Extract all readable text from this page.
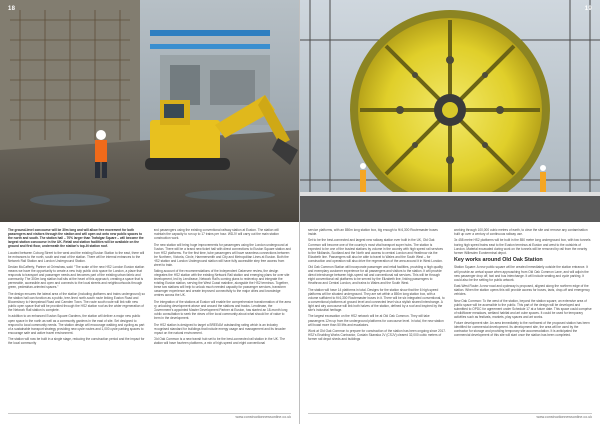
18

The ground-level concourse will be 30m long and will allow free movement for both passengers and visitors through the station and will open out onto new public spaces to the north and south. The station hall – 70% larger than Trafalgar Square – will become the largest station concourse in the UK. Retail and station facilities will be available on the ground and first floor, underneath the station’s top-lit station roof.

Located between Coburg Street to the west and the existing Euston Station to the east, there will be entrances to the north, south and east of the station. There will be internal entrances to the Network Rail Station and London Underground Station.

Declan McCafferty, Partner at Grimshaw, said: “The scale of the new HS2 London Euston station means we have the opportunity to create a new truly public civic space for London, a place that responds to transport and passenger needs and becomes part of the existing urban fabric and community. The 300m long station hall sits at the heart of this approach, creating a space that is permeable, accessible and open and connects to the local streets and neighbourhoods through green, pedestrian-oriented spaces.”

The design ensures the lateral area of the station (including platforms and trains underground) so the station hall can function as a public, tree-lined north-south route linking Euston Road and Bloomsbury to Hampstead Road and Camden Town. The route south route will link with new public open space that will be provided through the HS2 station roof as the wider regeneration of the Network Rail station is complete.

In addition to an enhanced Euston Square Gardens, the station will deliver a major new public open space in the north as well as a community gardens in the east of site. Set designed to respond to local community needs. The station design will encourage walking and cycling as part of a sustainable transport strategy providing new cycle routes and 1,000 cycle parking spaces to encourage safe and active travel environment.

The station will now be built in a single stage, reducing the construction period and the impact for the local community

and passengers using the existing conventional railway station at Euston. The station will maintain the capacity to run up to 17 trains per hour. WDJV will carry out the main station construction work.

The new station will bring huge improvements for passengers using the London underground at Euston. There will be a brand new ticket hall with direct connections to Euston Square station and from HS2 platforms. For the first time, tube passengers will have seamless connections between the Northern, Victoria, Circle, Hammersmith and City and Metropolitan Lines at Euston. Both the HS2 station and London Underground station will have fully accessible step free access from street to train.

Taking account of the recommendations of the independent Oakervee review, the design integrates the HS2 station with the existing Network Rail station and emerging plans for over site development, led by Lendlease, Network Rail’s coming plans to redevelop and integrate the existing Euston station, serving the West Coast mainline, alongside the HS2 terminus. Together, these two stations will help to unlock much needed capacity for passenger services, transform passenger experience and create improved connectivity to the major cities and knowledge centres across the UK.

The integration of the stations at Euston will enable the comprehensive transformation of the area by unlocking development above and around the stations and tracks. Lendlease, the Government’s appointed Master Development Partner at Euston, has started an 18-month long public consultation to seek the views of the local community about what should be of value to them in the development.

The HS2 station is designed to target a BREEAM outstanding rating which is an industry recognised standard for buildings that include energy usage and management and its broader impact on the natural environment.

Old Oak Common is a new transit hub set to be the best-connected rail station in the UK. The station will have fourteen platforms, a mix of high-speed and eight conventional

www.constructionnewsonline.co.uk
19

service platforms, with an 850m long station box, big enough to fit 6,300 Routemaster buses inside.

Set to be the best-connected and largest new railway station ever built in the UK, Old Oak Common will become one of the country’s most vital transport super hubs. The station is expected to be one of the busiest stations by volume in the country with high speed rail services to the Midlands, Scotland and the North and access to central London and Heathrow via the Elizabeth line. Passengers will also be able to travel to Wales and the South West – for construction and operation will also drive the regeneration of the area around it in West London.

Old Oak Common Station will incorporate passenger and retail facilities, providing a high quality and exemplary customer experience for all passengers and visitors to the station. It will provide direct interchange between high-speed rail and conventional rail services. This will be through eight conventional rail platforms to be served by the Elizabeth line, linking passengers to Heathrow and Central London, and trains to Wales and the South West.

The station will have 14 platforms in total. Designs for the station show that the 6 high-speed platforms will be situated underground. They are set within a 850m long station box, with a volume sufficient to fit 6,300 Routemaster buses in it. There will be six integrated conventional, to a conventional platforms at ground level and connected level via a stylish shared interchange. A light and airy concourse will link both halves of the station, defined by a roof and inspired by the site’s industrial heritage.

The largest excavation on the HS2 network will be at Old Oak Common. They will take passengers 12m up from the underground platforms for concourse level. In total, the new station will boast more than 50 lifts and escalators.

Work at Old Oak Common to prepare for construction of the station has been ongoing since 2017. HS2’s Enabling Works Contractor, Costain Skanska JV (CSJV) cleared 32,000 cubic meters of former rail depot sheds and buildings

working through 100,000 cubic metres of earth, to clear the site and remove any contamination built up over a century of continuous railway use.

3x 458 metre HS2 platforms will be built in the 850 metre long underground box, with two tunnels boring high speed trains east to the Euston terminus at Euston and west to the outskirts of London. Material excavated during work on the tunnels will be removed by rail from the nearby former Willesden Euroterminal depot.

Key works around Old Oak Station

Station Square: A new public square will be created immediately outside the station entrance. It will provide an arrival space when approaching from Old Oak Common Lane, and will adjoin the new passenger drop off, taxi and bus interchange. It will include seating and cycle parking. It could also be the setting for public artwork.

East-West Route: A new road and cycleway is proposed, aligned along the northern edge of the station. When the station opens this will provide access for buses, taxis, drop-off and emergency vehicles.

New Oak Common: To the west of the station, beyond the station square, an extensive area of public space will be accessible to the public. This part of the design will be developed and submitted to OPDC for agreement under Schedule 17 at a future date. This space could comprise of wildflower meadows, wetland habitat and art cube spaces. It could be used for temporary activities such as festivals, markets, play spaces and art works.

Future development site: An area immediately to the northwest of the proposed station has been identified for commercial development. Its development site, the area will be used by the contractor for storage and providing temporary site accommodation. It is anticipated the commercial development of this site will start once the station has been completed.

www.constructionnewsonline.co.uk
